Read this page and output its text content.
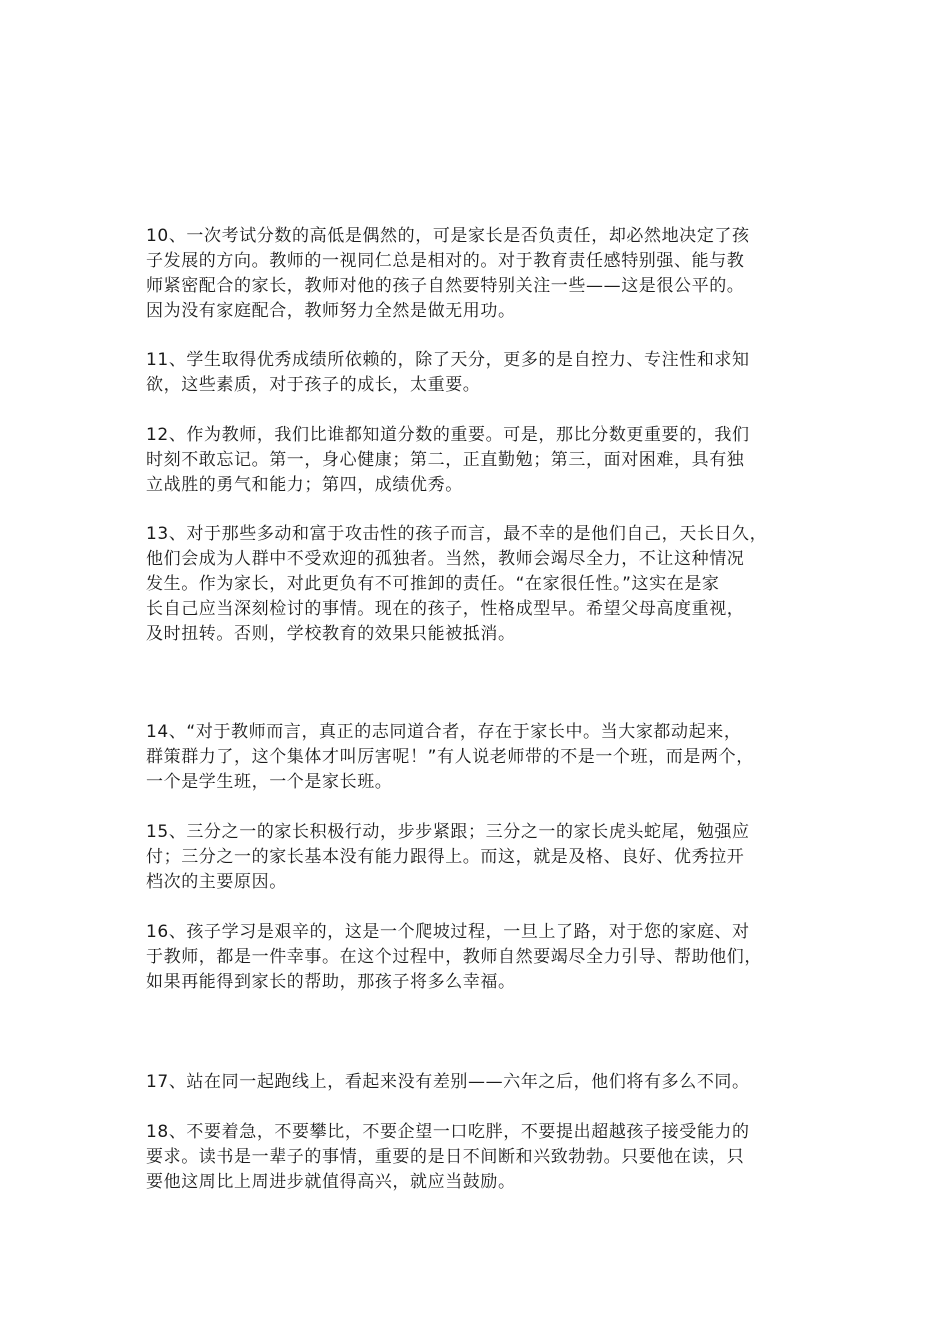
10、一次考试分数的高低是偶然的，可是家长是否负责任，却必然地决定了孩
子发展的方向。教师的一视同仁总是相对的。对于教育责任感特别强、能与教
师紧密配合的家长，教师对他的孩子自然要特别关注一些——这是很公平的。
因为没有家庭配合，教师努力全然是做无用功。
11、学生取得优秀成绩所依赖的，除了天分，更多的是自控力、专注性和求知
欲，这些素质，对于孩子的成长，太重要。
12、作为教师，我们比谁都知道分数的重要。可是，那比分数更重要的，我们
时刻不敢忘记。第一，身心健康；第二，正直勤勉；第三，面对困难，具有独
立战胜的勇气和能力；第四，成绩优秀。
13、对于那些多动和富于攻击性的孩子而言，最不幸的是他们自己，天长日久，
他们会成为人群中不受欢迎的孤独者。当然，教师会竭尽全力，不让这种情况
发生。作为家长，对此更负有不可推卸的责任。“在家很任性。”这实在是家
长自己应当深刻检讨的事情。现在的孩子，性格成型早。希望父母高度重视，
及时扭转。否则，学校教育的效果只能被抵消。
14、“对于教师而言，真正的志同道合者，存在于家长中。当大家都动起来，
群策群力了，这个集体才叫厉害呢！”有人说老师带的不是一个班，而是两个，
一个是学生班，一个是家长班。
15、三分之一的家长积极行动，步步紧跟；三分之一的家长虎头蛇尾，勉强应
付；三分之一的家长基本没有能力跟得上。而这，就是及格、良好、优秀拉开
档次的主要原因。
16、孩子学习是艰辛的，这是一个爬坡过程，一旦上了路，对于您的家庭、对
于教师，都是一件幸事。在这个过程中，教师自然要竭尽全力引导、帮助他们，
如果再能得到家长的帮助，那孩子将多么幸福。
17、站在同一起跑线上，看起来没有差别——六年之后，他们将有多么不同。
18、不要着急，不要攀比，不要企望一口吃胖，不要提出超越孩子接受能力的
要求。读书是一辈子的事情，重要的是日不间断和兴致勃勃。只要他在读，只
要他这周比上周进步就值得高兴，就应当鼓励。
